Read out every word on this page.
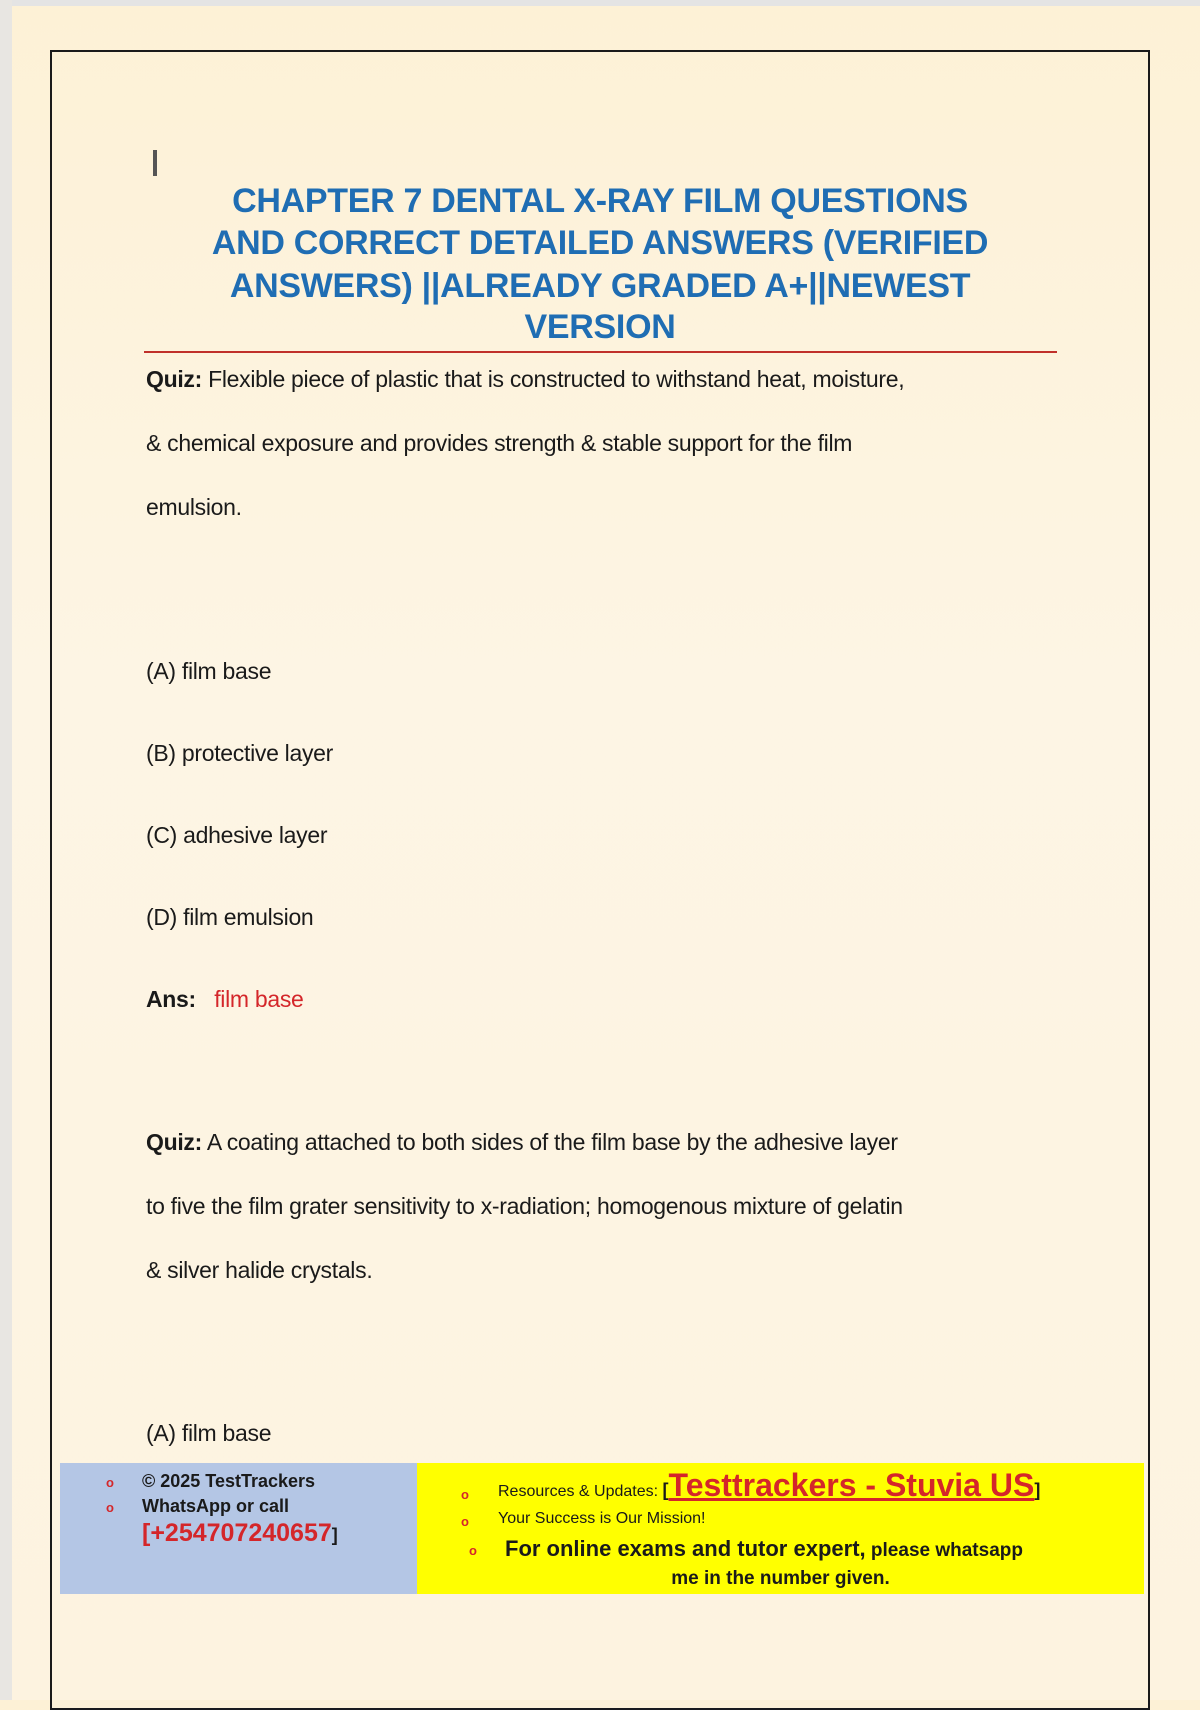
CHAPTER 7 DENTAL X-RAY FILM QUESTIONS
AND CORRECT DETAILED ANSWERS (VERIFIED
ANSWERS) ||ALREADY GRADED A+||NEWEST
VERSION
Quiz: Flexible piece of plastic that is constructed to withstand heat, moisture,
& chemical exposure and provides strength & stable support for the film
emulsion.
(A) film base
(B) protective layer
(C) adhesive layer
(D) film emulsion
Ans: film base
Quiz: A coating attached to both sides of the film base by the adhesive layer
to five the film grater sensitivity to x-radiation; homogenous mixture of gelatin
& silver halide crystals.
(A) film base
o © 2025 TestTrackers
o WhatsApp or call
[+254707240657]
o Resources & Updates: [Testtrackers - Stuvia US]
o Your Success is Our Mission!
o For online exams and tutor expert, please whatsapp
me in the number given.
